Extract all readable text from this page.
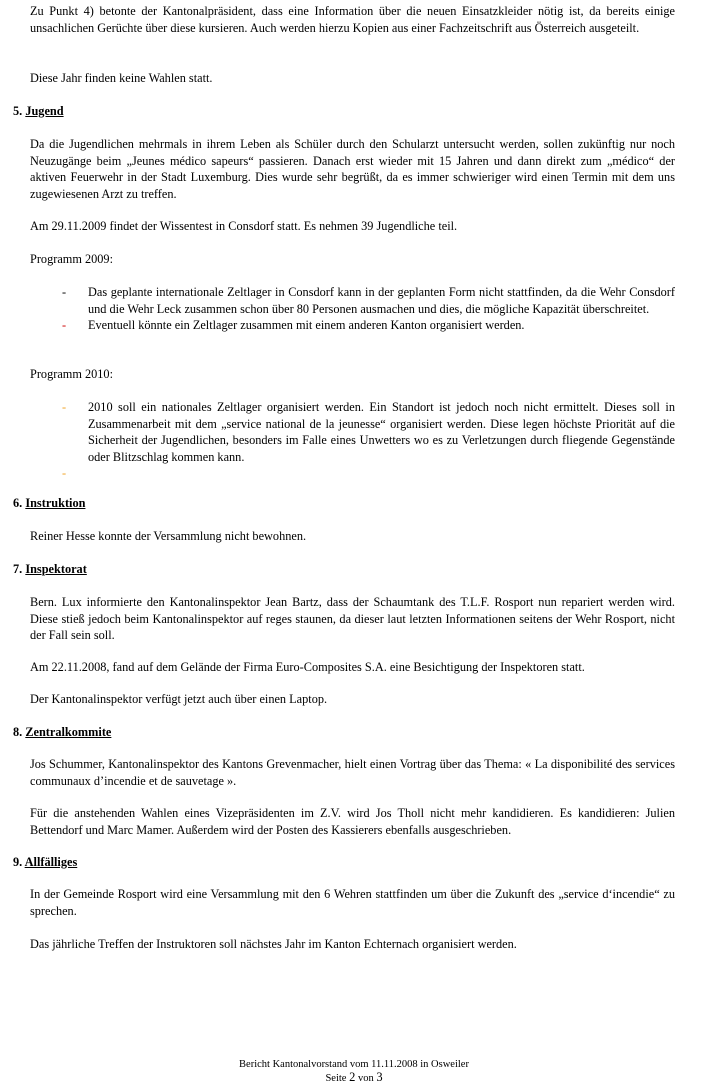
Zu Punkt 4) betonte der Kantonalpräsident, dass eine Information über die neuen Einsatzkleider nötig ist, da bereits einige unsachlichen Gerüchte über diese kursieren. Auch werden hierzu Kopien aus einer Fachzeitschrift aus Österreich ausgeteilt.

Diese Jahr finden keine Wahlen statt.

5. Jugend

Da die Jugendlichen mehrmals in ihrem Leben als Schüler durch den Schularzt untersucht werden, sollen zukünftig nur noch Neuzugänge beim „Jeunes médico sapeurs“ passieren. Danach erst wieder mit 15 Jahren und dann direkt zum „médico“ der aktiven Feuerwehr in der Stadt Luxemburg. Dies wurde sehr begrüßt, da es immer schwieriger wird einen Termin mit dem uns zugewiesenen Arzt zu treffen.

Am 29.11.2009 findet der Wissentest in Consdorf statt. Es nehmen 39 Jugendliche teil.

Programm 2009:

- Das geplante internationale Zeltlager in Consdorf kann in der geplanten Form nicht stattfinden, da die Wehr Consdorf und die Wehr Leck zusammen schon über 80 Personen ausmachen und dies, die mögliche Kapazität überschreitet.
- Eventuell könnte ein Zeltlager zusammen mit einem anderen Kanton organisiert werden.

Programm 2010:

- 2010 soll ein nationales Zeltlager organisiert werden. Ein Standort ist jedoch noch nicht ermittelt. Dieses soll in Zusammenarbeit mit dem „service national de la jeunesse“ organisiert werden. Diese legen höchste Priorität auf die Sicherheit der Jugendlichen, besonders im Falle eines Unwetters wo es zu Verletzungen durch fliegende Gegenstände oder Blitzschlag kommen kann.
-
6. Instruktion

Reiner Hesse konnte der Versammlung nicht bewohnen.

7. Inspektorat

Bern. Lux informierte den Kantonalinspektor Jean Bartz, dass der Schaumtank des T.L.F. Rosport nun repariert werden wird. Diese stieß jedoch beim Kantonalinspektor auf reges staunen, da dieser laut letzten Informationen seitens der Wehr Rosport, nicht der Fall sein soll.

Am 22.11.2008, fand auf dem Gelände der Firma Euro-Composites S.A. eine Besichtigung der Inspektoren statt.

Der Kantonalinspektor verfügt jetzt auch über einen Laptop.

8. Zentralkommite

Jos Schummer, Kantonalinspektor des Kantons Grevenmacher, hielt einen Vortrag über das Thema: « La disponibilité des services communaux d’incendie et de sauvetage ».

Für die anstehenden Wahlen eines Vizepräsidenten im Z.V. wird Jos Tholl nicht mehr kandidieren. Es kandidieren: Julien Bettendorf und Marc Mamer. Außerdem wird der Posten des Kassierers ebenfalls ausgeschrieben.

9. Allfälliges

In der Gemeinde Rosport wird eine Versammlung mit den 6 Wehren stattfinden um über die Zukunft des „service d‘incendie“ zu sprechen.

Das jährliche Treffen der Instruktoren soll nächstes Jahr im Kanton Echternach organisiert werden.

Bericht Kantonalvorstand vom 11.11.2008 in Osweiler
Seite 2 von 3
